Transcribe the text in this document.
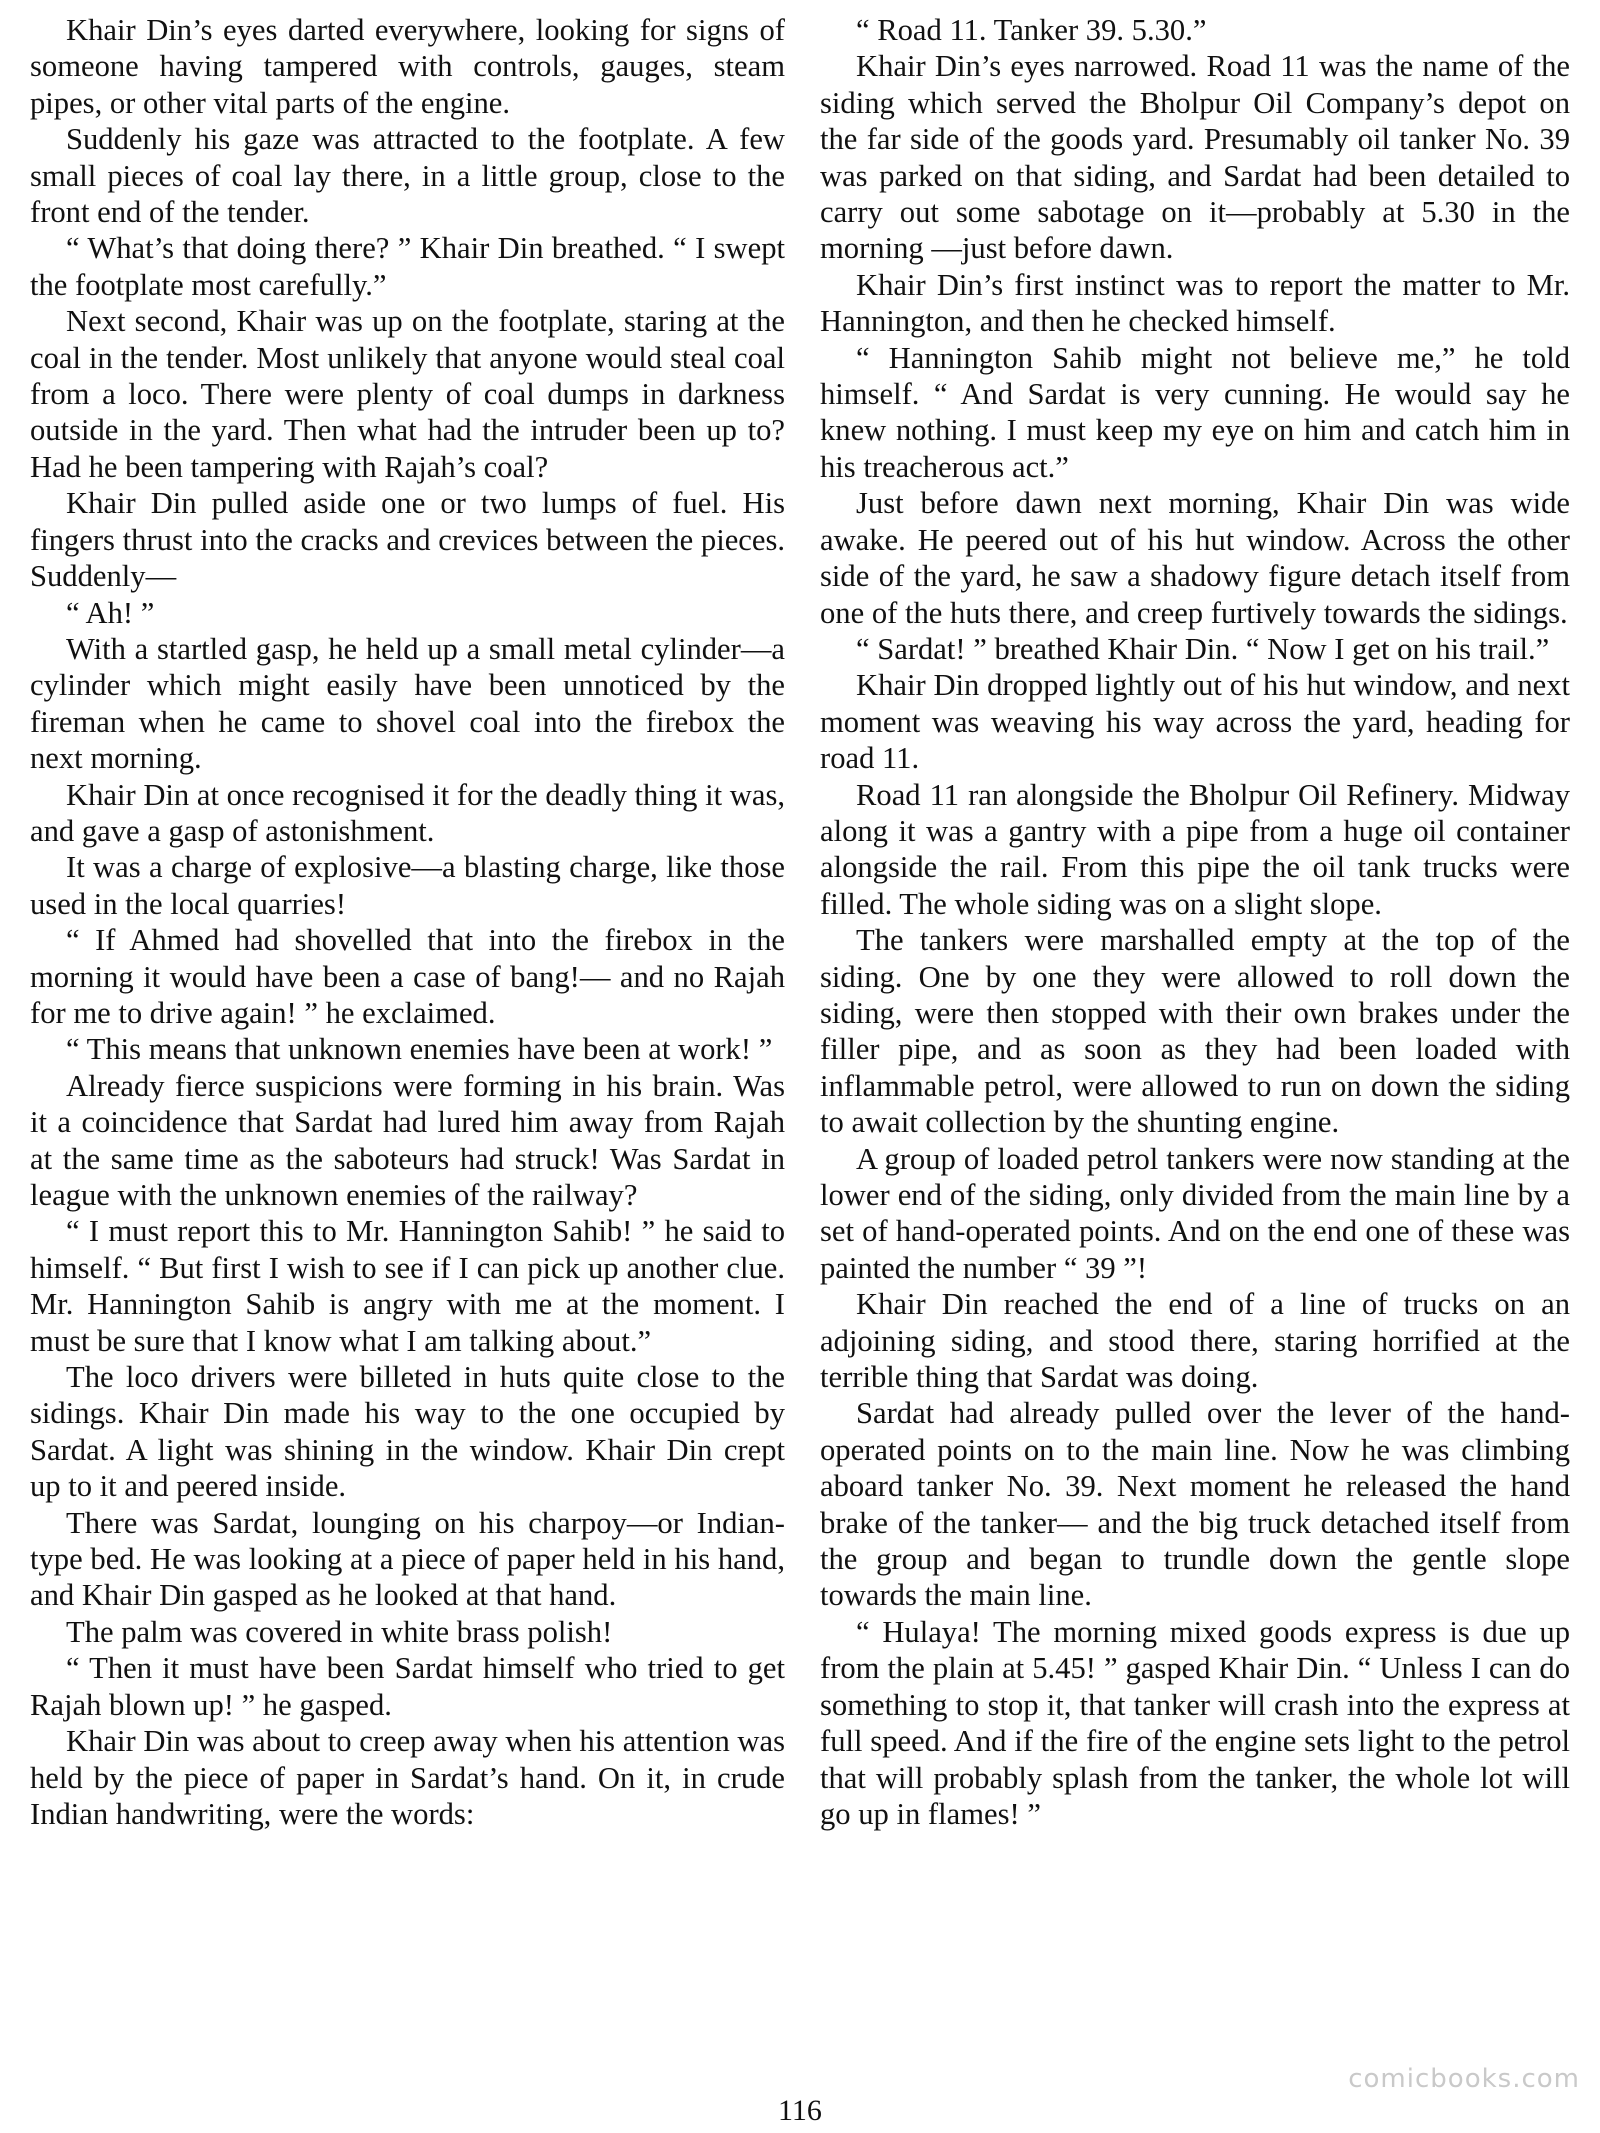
Khair Din’s eyes darted everywhere, looking for signs of someone having tampered with controls, gauges, steam pipes, or other vital parts of the engine.

Suddenly his gaze was attracted to the footplate. A few small pieces of coal lay there, in a little group, close to the front end of the tender.

“ What’s that doing there? ” Khair Din breathed. “ I swept the footplate most carefully.”

Next second, Khair was up on the footplate, staring at the coal in the tender. Most unlikely that anyone would steal coal from a loco. There were plenty of coal dumps in darkness outside in the yard. Then what had the intruder been up to? Had he been tampering with Rajah’s coal?

Khair Din pulled aside one or two lumps of fuel. His fingers thrust into the cracks and crevices between the pieces. Suddenly—

“ Ah! ”

With a startled gasp, he held up a small metal cylinder—a cylinder which might easily have been unnoticed by the fireman when he came to shovel coal into the firebox the next morning.

Khair Din at once recognised it for the deadly thing it was, and gave a gasp of astonishment.

It was a charge of explosive—a blasting charge, like those used in the local quarries!

“ If Ahmed had shovelled that into the firebox in the morning it would have been a case of bang!— and no Rajah for me to drive again! ” he exclaimed.

“ This means that unknown enemies have been at work! ”

Already fierce suspicions were forming in his brain. Was it a coincidence that Sardat had lured him away from Rajah at the same time as the saboteurs had struck! Was Sardat in league with the unknown enemies of the railway?

“ I must report this to Mr. Hannington Sahib! ” he said to himself. “ But first I wish to see if I can pick up another clue. Mr. Hannington Sahib is angry with me at the moment. I must be sure that I know what I am talking about.”

The loco drivers were billeted in huts quite close to the sidings. Khair Din made his way to the one occupied by Sardat. A light was shining in the window. Khair Din crept up to it and peered inside.

There was Sardat, lounging on his charpoy—or Indian-type bed. He was looking at a piece of paper held in his hand, and Khair Din gasped as he looked at that hand.

The palm was covered in white brass polish!

“ Then it must have been Sardat himself who tried to get Rajah blown up! ” he gasped.

Khair Din was about to creep away when his attention was held by the piece of paper in Sardat’s hand. On it, in crude Indian handwriting, were the words:

“ Road 11. Tanker 39. 5.30.”

Khair Din’s eyes narrowed. Road 11 was the name of the siding which served the Bholpur Oil Company’s depot on the far side of the goods yard. Presumably oil tanker No. 39 was parked on that siding, and Sardat had been detailed to carry out some sabotage on it—probably at 5.30 in the morning —just before dawn.

Khair Din’s first instinct was to report the matter to Mr. Hannington, and then he checked himself.

“ Hannington Sahib might not believe me,” he told himself. “ And Sardat is very cunning. He would say he knew nothing. I must keep my eye on him and catch him in his treacherous act.”

Just before dawn next morning, Khair Din was wide awake. He peered out of his hut window. Across the other side of the yard, he saw a shadowy figure detach itself from one of the huts there, and creep furtively towards the sidings.

“ Sardat! ” breathed Khair Din. “ Now I get on his trail.”

Khair Din dropped lightly out of his hut window, and next moment was weaving his way across the yard, heading for road 11.

Road 11 ran alongside the Bholpur Oil Refinery. Midway along it was a gantry with a pipe from a huge oil container alongside the rail. From this pipe the oil tank trucks were filled. The whole siding was on a slight slope.

The tankers were marshalled empty at the top of the siding. One by one they were allowed to roll down the siding, were then stopped with their own brakes under the filler pipe, and as soon as they had been loaded with inflammable petrol, were allowed to run on down the siding to await collection by the shunting engine.

A group of loaded petrol tankers were now standing at the lower end of the siding, only divided from the main line by a set of hand-operated points. And on the end one of these was painted the number “ 39 ”!

Khair Din reached the end of a line of trucks on an adjoining siding, and stood there, staring horrified at the terrible thing that Sardat was doing.

Sardat had already pulled over the lever of the hand-operated points on to the main line. Now he was climbing aboard tanker No. 39. Next moment he released the hand brake of the tanker— and the big truck detached itself from the group and began to trundle down the gentle slope towards the main line.

“ Hulaya! The morning mixed goods express is due up from the plain at 5.45! ” gasped Khair Din. “ Unless I can do something to stop it, that tanker will crash into the express at full speed. And if the fire of the engine sets light to the petrol that will probably splash from the tanker, the whole lot will go up in flames! ”

116
comicbooks.com
